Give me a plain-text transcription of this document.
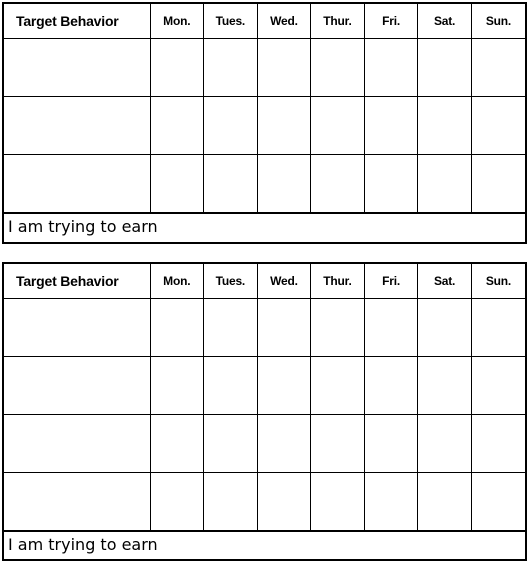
Target Behavior	Mon.	Tues.	Wed.	Thur.	Fri.	Sat.	Sun.

I am trying to earn
Target Behavior	Mon.	Tues.	Wed.	Thur.	Fri.	Sat.	Sun.

I am trying to earn
